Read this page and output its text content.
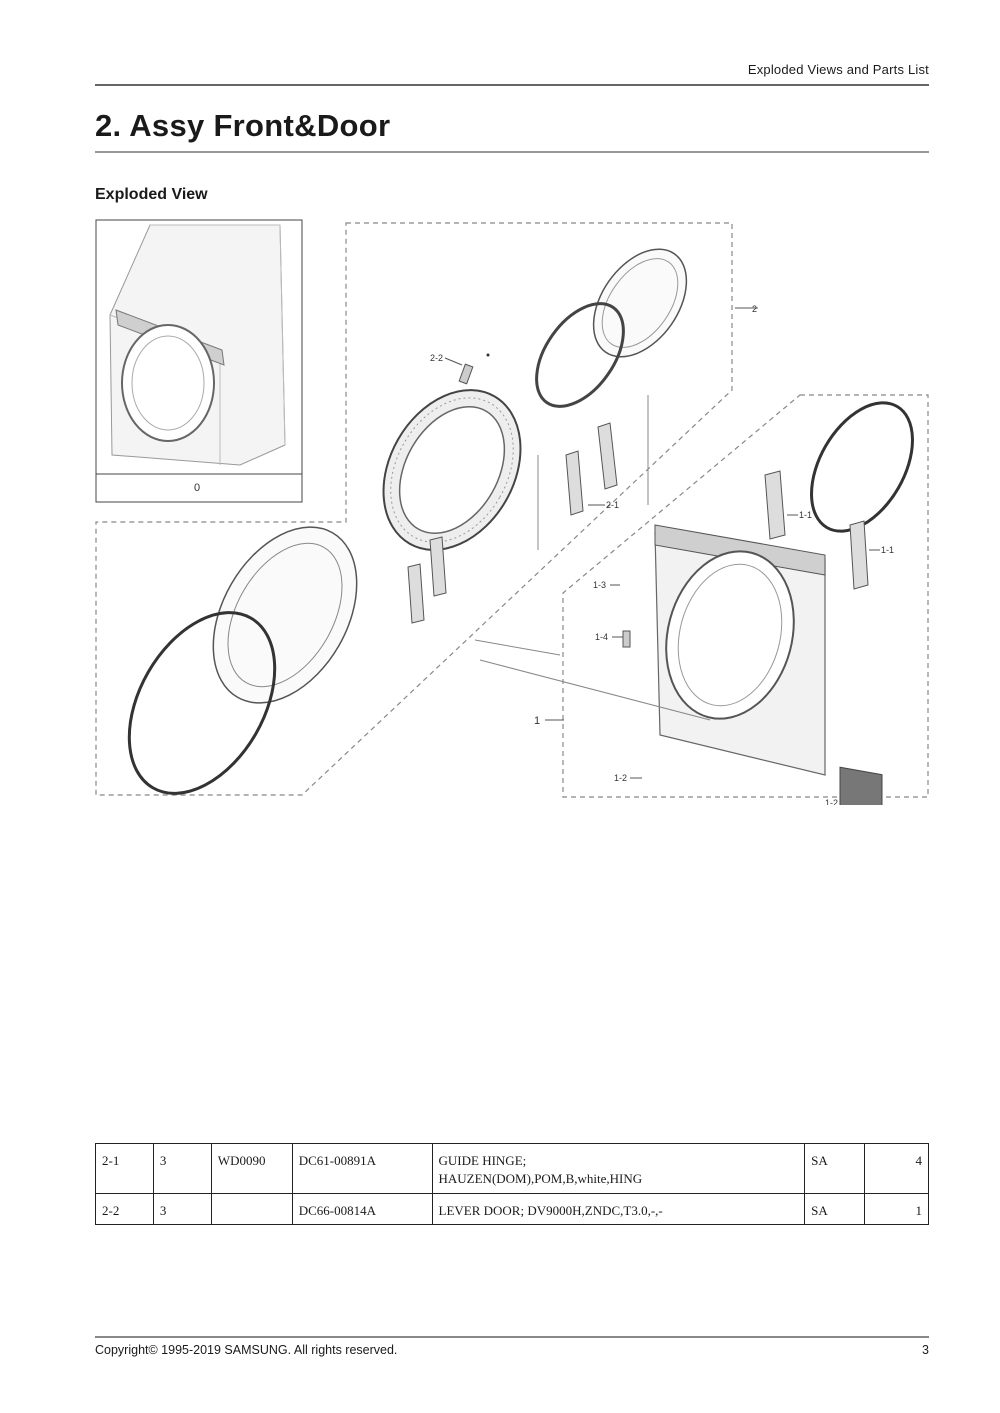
Exploded Views and Parts List
2. Assy Front&Door
Exploded View
0
2
2-2
2-1
1-1
1-1
1-3
1-4
1
1-2
1-2
2-1	3	WD0090	DC61-00891A	GUIDE HINGE;
HAUZEN(DOM),POM,B,white,HING	SA	4
2-2	3		DC66-00814A	LEVER DOOR; DV9000H,ZNDC,T3.0,-,-	SA	1
Copyright© 1995-2019 SAMSUNG. All rights reserved.	3
